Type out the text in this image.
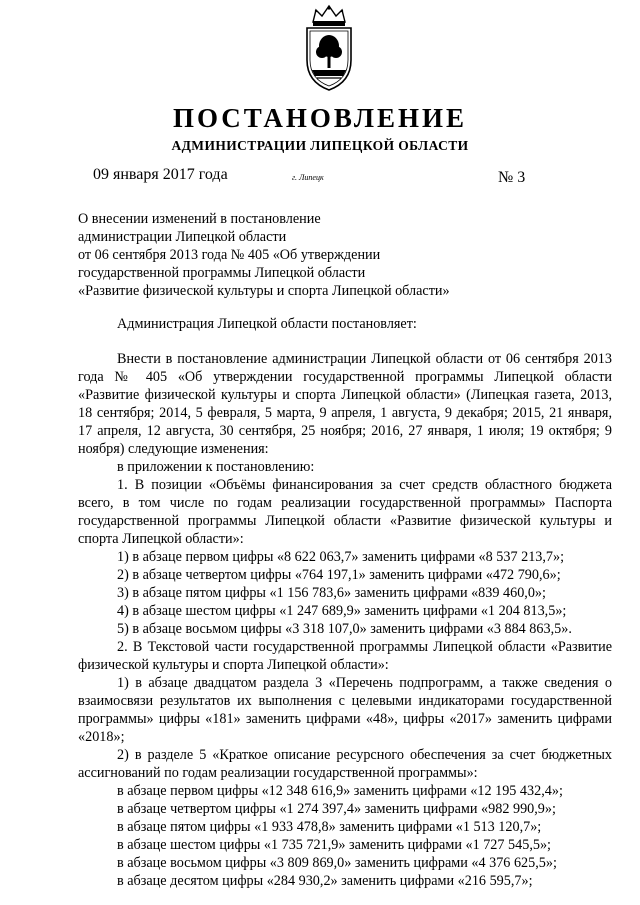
ПОСТАНОВЛЕНИЕ
АДМИНИСТРАЦИИ ЛИПЕЦКОЙ ОБЛАСТИ
09 января 2017 года	г. Липецк	№ 3
О внесении изменений в постановление
администрации Липецкой области
от 06 сентября 2013 года № 405 «Об утверждении
государственной программы Липецкой области
«Развитие физической культуры и спорта Липецкой области»
Администрация Липецкой области постановляет:

Внести в постановление администрации Липецкой области от 06 сентября 2013 года № 405 «Об утверждении государственной программы Липецкой области «Развитие физической культуры и спорта Липецкой области» (Липецкая газета, 2013, 18 сентября; 2014, 5 февраля, 5 марта, 9 апреля, 1 августа, 9 декабря; 2015, 21 января, 17 апреля, 12 августа, 30 сентября, 25 ноября; 2016, 27 января, 1 июля; 19 октября; 9 ноября) следующие изменения:

в приложении к постановлению:

1. В позиции «Объёмы финансирования за счет средств областного бюджета всего, в том числе по годам реализации государственной программы» Паспорта государственной программы Липецкой области «Развитие физической культуры и спорта Липецкой области»:

1) в абзаце первом цифры «8 622 063,7» заменить цифрами «8 537 213,7»;

2) в абзаце четвертом цифры «764 197,1» заменить цифрами «472 790,6»;

3) в абзаце пятом цифры «1 156 783,6» заменить цифрами «839 460,0»;

4) в абзаце шестом цифры «1 247 689,9» заменить цифрами «1 204 813,5»;

5) в абзаце восьмом цифры «3 318 107,0» заменить цифрами «3 884 863,5».

2. В Текстовой части государственной программы Липецкой области «Развитие физической культуры и спорта Липецкой области»:

1) в абзаце двадцатом раздела 3 «Перечень подпрограмм, а также сведения о взаимосвязи результатов их выполнения с целевыми индикаторами государственной программы» цифры «181» заменить цифрами «48», цифры «2017» заменить цифрами «2018»;

2) в разделе 5 «Краткое описание ресурсного обеспечения за счет бюджетных ассигнований по годам реализации государственной программы»:

в абзаце первом цифры «12 348 616,9» заменить цифрами «12 195 432,4»;

в абзаце четвертом цифры «1 274 397,4» заменить цифрами «982 990,9»;

в абзаце пятом цифры «1 933 478,8» заменить цифрами «1 513 120,7»;

в абзаце шестом цифры «1 735 721,9» заменить цифрами «1 727 545,5»;

в абзаце восьмом цифры «3 809 869,0» заменить цифрами «4 376 625,5»;

в абзаце десятом цифры «284 930,2» заменить цифрами «216 595,7»;
